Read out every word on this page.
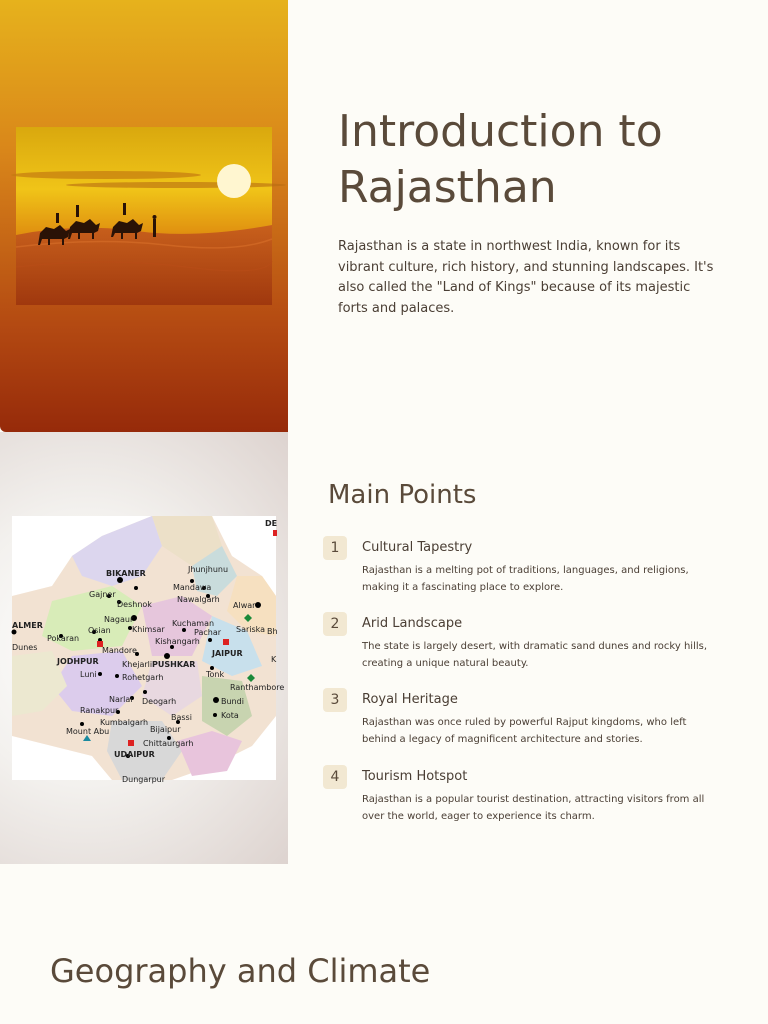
Introduction to Rajasthan

Rajasthan is a state in northwest India, known for its vibrant culture, rich history, and stunning landscapes. It's also called the "Land of Kings" because of its majestic forts and palaces.

BIKANER	Jhunjhunu
Mandawa
Nawalgarh
Gajner
Deshnok
Nagaur
Khimsar
Osian
Pokaran
ALMER
Dunes	Mandore
JODHPUR	Khejarli PUSHKAR
Luni	Rohetgarh
Kuchaman
Pachar
Kishangarh
JAIPUR
Alwar
Sariska
Tonk
Ranthambore
Narlai Deogarh
Ranakpur
Kumbalgarh
Mount Abu
Bassi
Bijaipur
Bundi
Kota
Chittaurgarh
UDAIPUR
Dungarpur
DE
Bh
K
Main Points
1	Cultural Tapestry
Rajasthan is a melting pot of traditions, languages, and religions, making it a fascinating place to explore.
2	Arid Landscape
The state is largely desert, with dramatic sand dunes and rocky hills, creating a unique natural beauty.
3	Royal Heritage
Rajasthan was once ruled by powerful Rajput kingdoms, who left behind a legacy of magnificent architecture and stories.
4	Tourism Hotspot
Rajasthan is a popular tourist destination, attracting visitors from all over the world, eager to experience its charm.
Geography and Climate
